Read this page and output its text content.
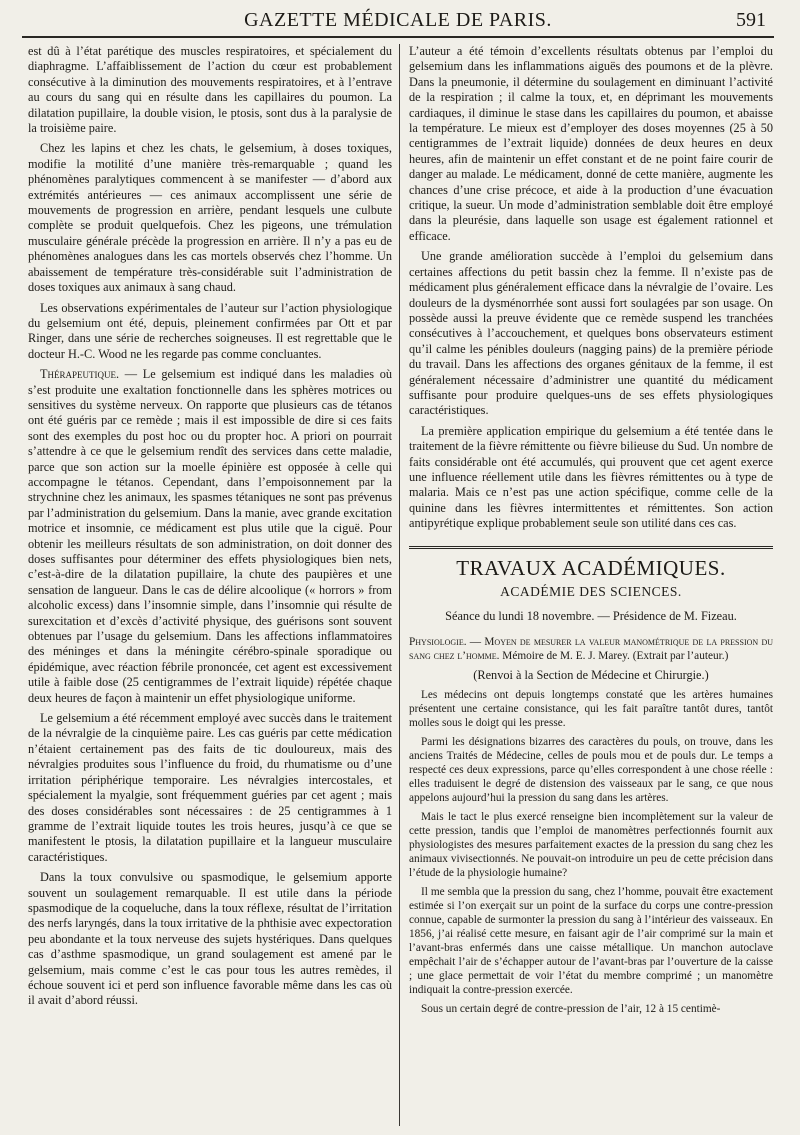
GAZETTE MÉDICALE DE PARIS.	591

est dû à l’état parétique des muscles respiratoires, et spécialement du diaphragme. L’affaiblissement de l’action du cœur est probablement consécutive à la diminution des mouvements respiratoires, et à l’entrave au cours du sang qui en résulte dans les capillaires du poumon. La dilatation pupillaire, la double vision, le ptosis, sont dus à la paralysie de la troisième paire.

Chez les lapins et chez les chats, le gelsemium, à doses toxiques, modifie la motilité d’une manière très-remarquable ; quand les phénomènes paralytiques commencent à se manifester — d’abord aux extrémités antérieures — ces animaux accomplissent une série de mouvements de progression en arrière, pendant lesquels une culbute complète se produit quelquefois. Chez les pigeons, une trémulation musculaire générale précède la progression en arrière. Il n’y a pas eu de phénomènes analogues dans les cas mortels observés chez l’homme. Un abaissement de température très-considérable suit l’administration de doses toxiques aux animaux à sang chaud.

Les observations expérimentales de l’auteur sur l’action physiologique du gelsemium ont été, depuis, pleinement confirmées par Ott et par Ringer, dans une série de recherches soigneuses. Il est regrettable que le docteur H.-C. Wood ne les regarde pas comme concluantes.

Thérapeutique. — Le gelsemium est indiqué dans les maladies où s’est produite une exaltation fonctionnelle dans les sphères motrices ou sensitives du système nerveux. On rapporte que plusieurs cas de tétanos ont été guéris par ce remède ; mais il est impossible de dire si ces faits sont des exemples du post hoc ou du propter hoc. A priori on pourrait s’attendre à ce que le gelsemium rendît des services dans cette maladie, parce que son action sur la moelle épinière est opposée à celle qui accompagne le tétanos. Cependant, dans l’empoisonnement par la strychnine chez les animaux, les spasmes tétaniques ne sont pas prévenus par l’administration du gelsemium. Dans la manie, avec grande excitation motrice et insomnie, ce médicament est plus utile que la ciguë. Pour obtenir les meilleurs résultats de son administration, on doit donner des doses suffisantes pour déterminer des effets physiologiques bien nets, c’est-à-dire de la dilatation pupillaire, la chute des paupières et une sensation de langueur. Dans le cas de délire alcoolique (« horrors » from alcoholic excess) dans l’insomnie simple, dans l’insomnie qui résulte de surexcitation et d’excès d’activité physique, des guérisons sont souvent obtenues par l’usage du gelsemium. Dans les affections inflammatoires des méninges et dans la méningite cérébro-spinale sporadique ou épidémique, avec réaction fébrile prononcée, cet agent est excessivement utile à faible dose (25 centigrammes de l’extrait liquide) répétée chaque deux heures de façon à maintenir un effet physiologique uniforme.

Le gelsemium a été récemment employé avec succès dans le traitement de la névralgie de la cinquième paire. Les cas guéris par cette médication n’étaient certainement pas des faits de tic douloureux, mais des névralgies produites sous l’influence du froid, du rhumatisme ou d’une irritation périphérique temporaire. Les névralgies intercostales, et spécialement la myalgie, sont fréquemment guéries par cet agent ; mais des doses considérables sont nécessaires : de 25 centigrammes à 1 gramme de l’extrait liquide toutes les trois heures, jusqu’à ce que se manifestent le ptosis, la dilatation pupillaire et la langueur musculaire caractéristiques.

Dans la toux convulsive ou spasmodique, le gelsemium apporte souvent un soulagement remarquable. Il est utile dans la période spasmodique de la coqueluche, dans la toux réflexe, résultat de l’irritation des nerfs laryngés, dans la toux irritative de la phthisie avec expectoration peu abondante et la toux nerveuse des sujets hystériques. Dans quelques cas d’asthme spasmodique, un grand soulagement est amené par le gelsemium, mais comme c’est le cas pour tous les autres remèdes, il échoue souvent ici et perd son influence favorable même dans les cas où il avait d’abord réussi.

L’auteur a été témoin d’excellents résultats obtenus par l’emploi du gelsemium dans les inflammations aiguës des poumons et de la plèvre. Dans la pneumonie, il détermine du soulagement en diminuant l’activité de la respiration ; il calme la toux, et, en déprimant les mouvements cardiaques, il diminue le stase dans les capillaires du poumon, et abaisse la température. Le mieux est d’employer des doses moyennes (25 à 50 centigrammes de l’extrait liquide) données de deux heures en deux heures, afin de maintenir un effet constant et de ne point faire courir de danger au malade. Le médicament, donné de cette manière, augmente les chances d’une crise précoce, et aide à la production d’une évacuation critique, la sueur. Un mode d’administration semblable doit être employé dans la pleurésie, dans laquelle son usage est également rationnel et efficace.

Une grande amélioration succède à l’emploi du gelsemium dans certaines affections du petit bassin chez la femme. Il n’existe pas de médicament plus généralement efficace dans la névralgie de l’ovaire. Les douleurs de la dysménorrhée sont aussi fort soulagées par son usage. On possède aussi la preuve évidente que ce remède suspend les tranchées consécutives à l’accouchement, et quelques bons observateurs estiment qu’il calme les pénibles douleurs (nagging pains) de la première période du travail. Dans les affections des organes génitaux de la femme, il est généralement nécessaire d’administrer une quantité du médicament suffisante pour produire quelques-uns de ses effets physiologiques caractéristiques.

La première application empirique du gelsemium a été tentée dans le traitement de la fièvre rémittente ou fièvre bilieuse du Sud. Un nombre de faits considérable ont été accumulés, qui prouvent que cet agent exerce une influence réellement utile dans les fièvres rémittentes ou à type de malaria. Mais ce n’est pas une action spécifique, comme celle de la quinine dans les fièvres intermittentes et rémittentes. Son action antipyrétique explique probablement seule son utilité dans ces cas.

TRAVAUX ACADÉMIQUES.
ACADÉMIE DES SCIENCES.
Séance du lundi 18 novembre. — Présidence de M. Fizeau.

Physiologie. — Moyen de mesurer la valeur manométrique de la pression du sang chez l’homme. Mémoire de M. E. J. Marey. (Extrait par l’auteur.)

(Renvoi à la Section de Médecine et Chirurgie.)

Les médecins ont depuis longtemps constaté que les artères humaines présentent une certaine consistance, qui les fait paraître tantôt dures, tantôt molles sous le doigt qui les presse.

Parmi les désignations bizarres des caractères du pouls, on trouve, dans les anciens Traités de Médecine, celles de pouls mou et de pouls dur. Le temps a respecté ces deux expressions, parce qu’elles correspondent à une chose réelle : elles traduisent le degré de distension des vaisseaux par le sang, ce que nous appelons aujourd’hui la pression du sang dans les artères.

Mais le tact le plus exercé renseigne bien incomplètement sur la valeur de cette pression, tandis que l’emploi de manomètres perfectionnés fournit aux physiologistes des mesures parfaitement exactes de la pression du sang chez les animaux vivisectionnés. Ne pouvait-on introduire un peu de cette précision dans l’étude de la physiologie humaine?

Il me sembla que la pression du sang, chez l’homme, pouvait être exactement estimée si l’on exerçait sur un point de la surface du corps une contre-pression connue, capable de surmonter la pression du sang à l’intérieur des vaisseaux. En 1856, j’ai réalisé cette mesure, en faisant agir de l’air comprimé sur la main et l’avant-bras enfermés dans une caisse métallique. Un manchon autoclave empêchait l’air de s’échapper autour de l’avant-bras par l’ouverture de la caisse ; une glace permettait de voir l’état du membre comprimé ; un manomètre indiquait la contre-pression exercée.

Sous un certain degré de contre-pression de l’air, 12 à 15 centimè-
